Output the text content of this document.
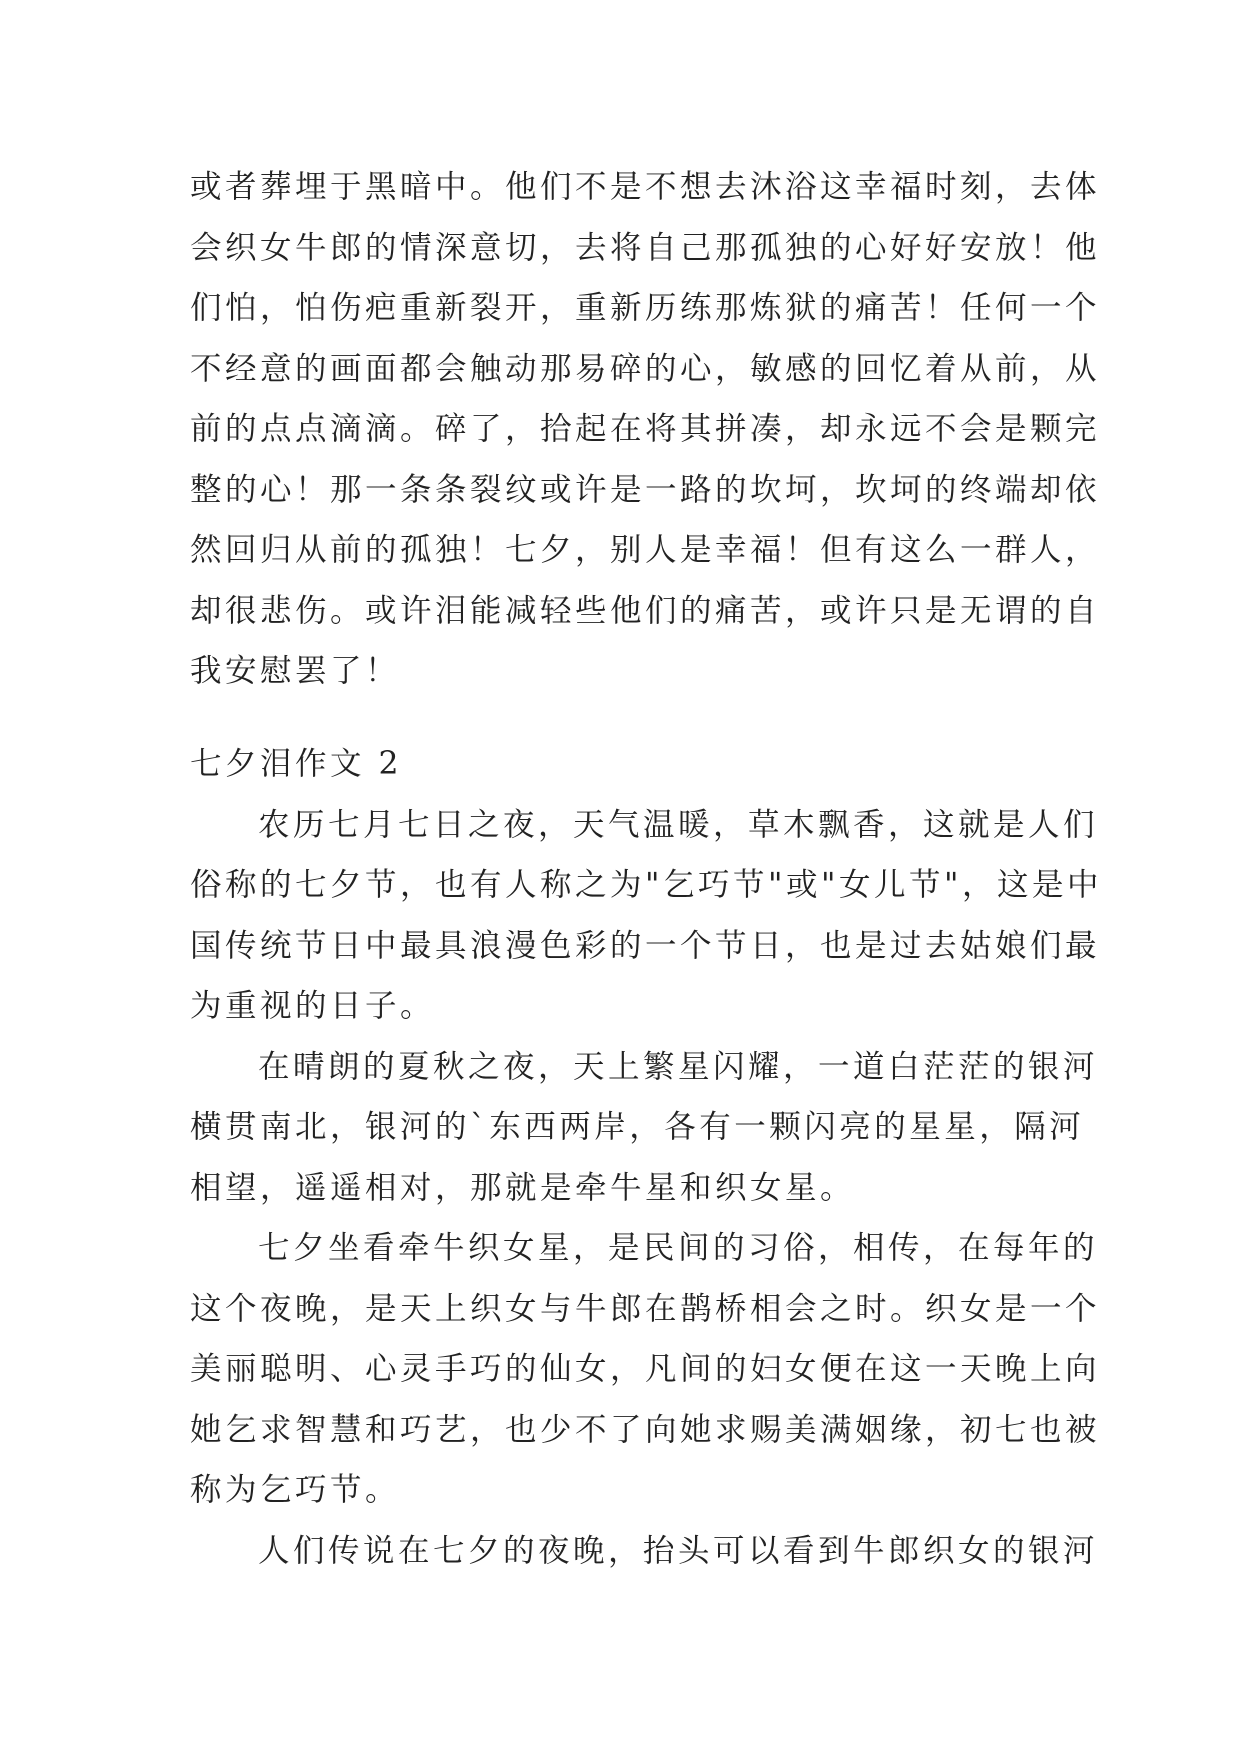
或者葬埋于黑暗中。他们不是不想去沐浴这幸福时刻，去体
会织女牛郎的情深意切，去将自己那孤独的心好好安放！他
们怕，怕伤疤重新裂开，重新历练那炼狱的痛苦！任何一个
不经意的画面都会触动那易碎的心，敏感的回忆着从前，从
前的点点滴滴。碎了，拾起在将其拼凑，却永远不会是颗完
整的心！那一条条裂纹或许是一路的坎坷，坎坷的终端却依
然回归从前的孤独！七夕，别人是幸福！但有这么一群人，
却很悲伤。或许泪能减轻些他们的痛苦，或许只是无谓的自
我安慰罢了！
七夕泪作文 2
农历七月七日之夜，天气温暖，草木飘香，这就是人们
俗称的七夕节，也有人称之为"乞巧节"或"女儿节"，这是中
国传统节日中最具浪漫色彩的一个节日，也是过去姑娘们最
为重视的日子。
在晴朗的夏秋之夜，天上繁星闪耀，一道白茫茫的银河
横贯南北，银河的`东西两岸，各有一颗闪亮的星星，隔河
相望，遥遥相对，那就是牵牛星和织女星。
七夕坐看牵牛织女星，是民间的习俗，相传，在每年的
这个夜晚，是天上织女与牛郎在鹊桥相会之时。织女是一个
美丽聪明、心灵手巧的仙女，凡间的妇女便在这一天晚上向
她乞求智慧和巧艺，也少不了向她求赐美满姻缘，初七也被
称为乞巧节。
人们传说在七夕的夜晚，抬头可以看到牛郎织女的银河
